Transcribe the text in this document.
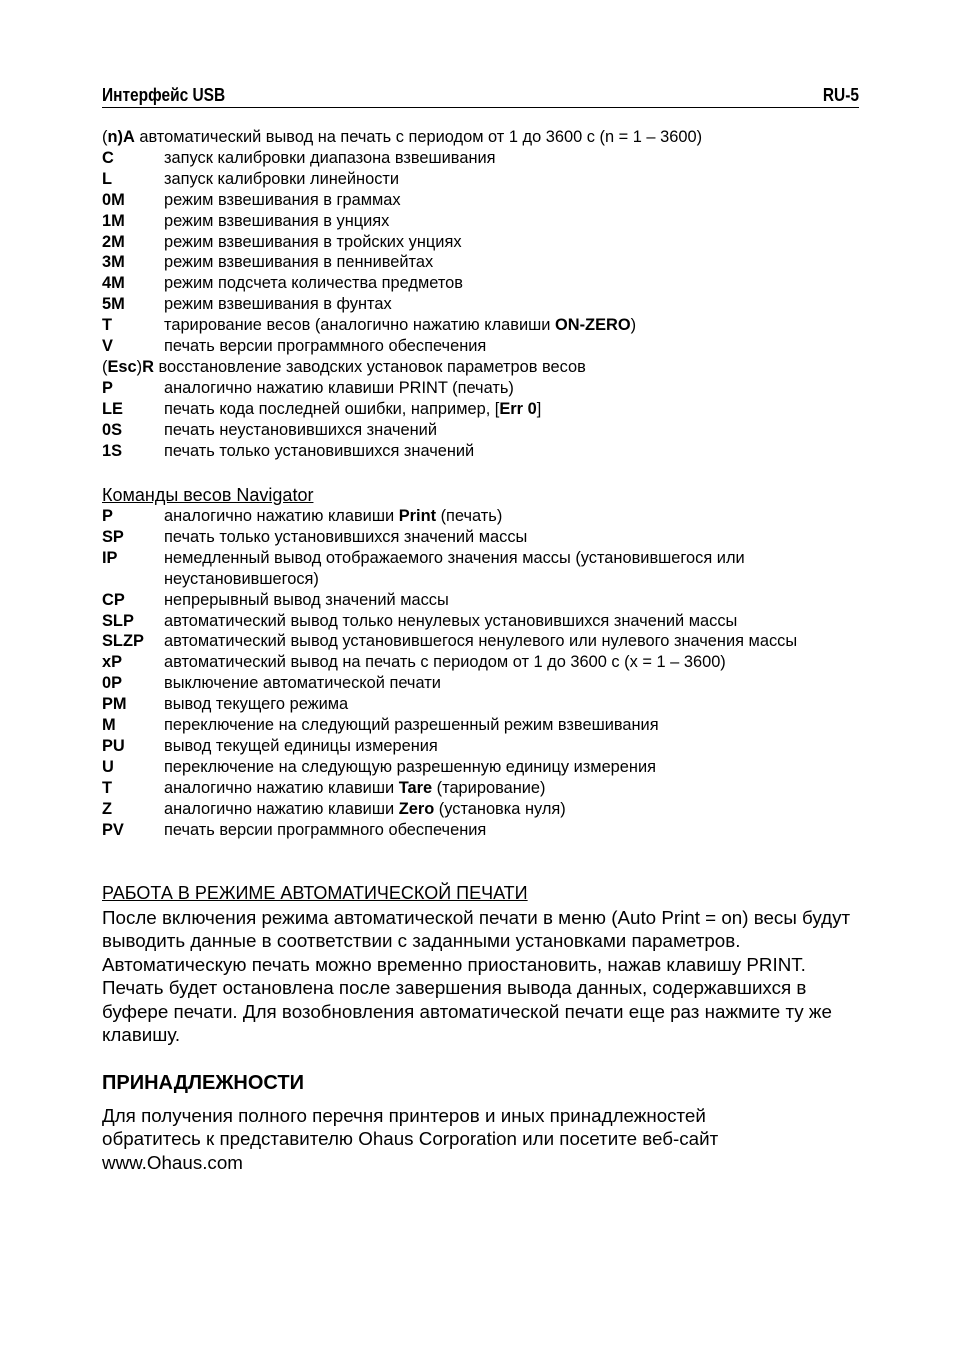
Интерфейс USB	RU-5
(n)A автоматический вывод на печать с периодом от 1 до 3600 с (n = 1 – 3600)
C	запуск калибровки диапазона взвешивания
L	запуск калибровки линейности
0M	режим взвешивания в граммах
1M	режим взвешивания в унциях
2M	режим взвешивания в тройских унциях
3M	режим взвешивания в пеннивейтах
4M	режим подсчета количества предметов
5M	режим взвешивания в фунтах
T	тарирование весов (аналогично нажатию клавиши ON-ZERO)
V	печать версии программного обеспечения
(Esc)R восстановление заводских установок параметров весов
P	аналогично нажатию клавиши PRINT (печать)
LE	печать кода последней ошибки, например, [Err 0]
0S	печать неустановившихся значений
1S	печать только установившихся значений
Команды весов Navigator
P	аналогично нажатию клавиши Print (печать)
SP	печать только установившихся значений массы
IP	немедленный вывод отображаемого значения массы (установившегося или неустановившегося)
CP	непрерывный вывод значений массы
SLP	автоматический вывод только ненулевых установившихся значений массы
SLZP	автоматический вывод установившегося ненулевого или нулевого значения массы
xP	автоматический вывод на печать с периодом от 1 до 3600 с (x = 1 – 3600)
0P	выключение автоматической печати
PM	вывод текущего режима
M	переключение на следующий разрешенный режим взвешивания
PU	вывод текущей единицы измерения
U	переключение на следующую разрешенную единицу измерения
T	аналогично нажатию клавиши Tare (тарирование)
Z	аналогично нажатию клавиши Zero (установка нуля)
PV	печать версии программного обеспечения
РАБОТА В РЕЖИМЕ АВТОМАТИЧЕСКОЙ ПЕЧАТИ
После включения режима автоматической печати в меню (Auto Print = on) весы будут выводить данные в соответствии с заданными установками параметров. Автоматическую печать можно временно приостановить, нажав клавишу PRINT. Печать будет остановлена после завершения вывода данных, содержавшихся в буфере печати. Для возобновления автоматической печати еще раз нажмите ту же клавишу.
ПРИНАДЛЕЖНОСТИ
Для получения полного перечня принтеров и иных принадлежностей обратитесь к представителю Ohaus Corporation или посетите веб-сайт www.Ohaus.com
